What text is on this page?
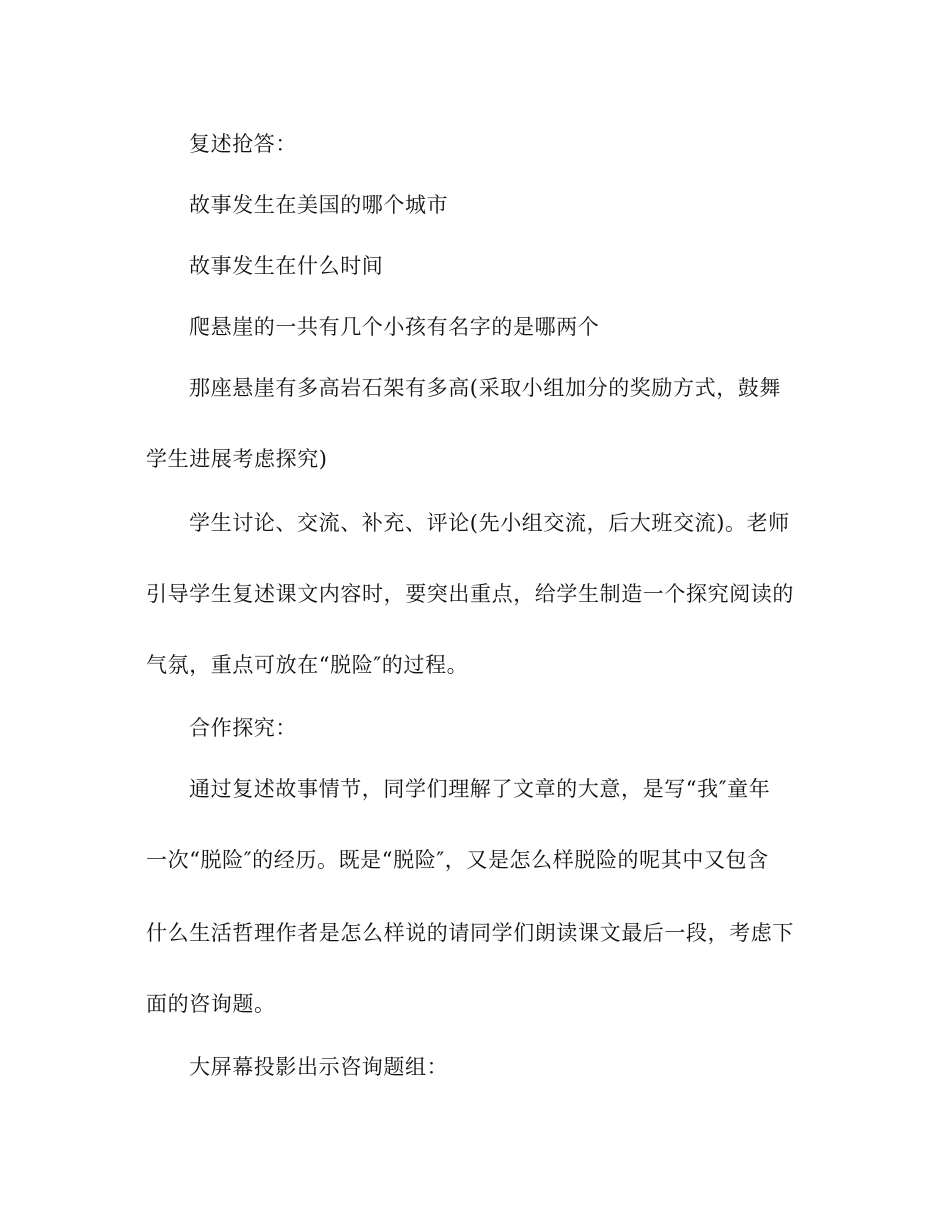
复述抢答：
故事发生在美国的哪个城市
故事发生在什么时间
爬悬崖的一共有几个小孩有名字的是哪两个
那座悬崖有多高岩石架有多高(采取小组加分的奖励方式，鼓舞
学生进展考虑探究)
学生讨论、交流、补充、评论(先小组交流，后大班交流)。老师
引导学生复述课文内容时，要突出重点，给学生制造一个探究阅读的
气氛，重点可放在“脱险″的过程。
合作探究：
通过复述故事情节，同学们理解了文章的大意，是写“我″童年
一次“脱险″的经历。既是“脱险″，又是怎么样脱险的呢其中又包含
什么生活哲理作者是怎么样说的请同学们朗读课文最后一段，考虑下
面的咨询题。
大屏幕投影出示咨询题组：
